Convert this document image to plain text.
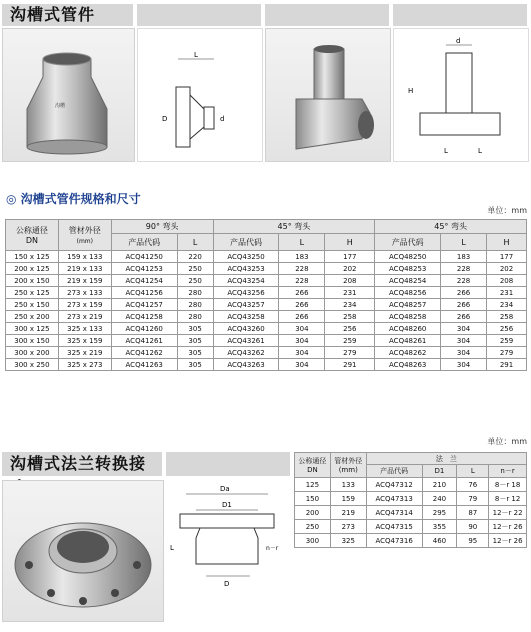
沟槽式管件
沟槽
L
D	d
d
H
L	L
◎ 沟槽式管件规格和尺寸
单位：mm
公称通径
DN	管材外径
(mm)	90° 弯头		45° 弯头			45° 弯头		
		产品代码	L	产品代码	L	H	产品代码	L	H
150 x 125	159 x 133	ACQ41250	220	ACQ43250	183	177	ACQ48250	183	177
200 x 125	219 x 133	ACQ41253	250	ACQ43253	228	202	ACQ48253	228	202
200 x 150	219 x 159	ACQ41254	250	ACQ43254	228	208	ACQ48254	228	208
250 x 125	273 x 133	ACQ41256	280	ACQ43256	266	231	ACQ48256	266	231
250 x 150	273 x 159	ACQ41257	280	ACQ43257	266	234	ACQ48257	266	234
250 x 200	273 x 219	ACQ41258	280	ACQ43258	266	258	ACQ48258	266	258
300 x 125	325 x 133	ACQ41260	305	ACQ43260	304	256	ACQ48260	304	256
300 x 150	325 x 159	ACQ41261	305	ACQ43261	304	259	ACQ48261	304	259
300 x 200	325 x 219	ACQ41262	305	ACQ43262	304	279	ACQ48262	304	279
300 x 250	325 x 273	ACQ41263	305	ACQ43263	304	291	ACQ48263	304	291
单位：mm
沟槽式法兰转换接
Da
D1
D
L	n－r
公称通径
DN	管材外径
(mm)	法　兰			
		产品代码	D1	L	n－r
125	133	ACQ47312	210	76	8－r 18
150	159	ACQ47313	240	79	8－r 12
200	219	ACQ47314	295	87	12－r 22
250	273	ACQ47315	355	90	12－r 26
300	325	ACQ47316	460	95	12－r 26
